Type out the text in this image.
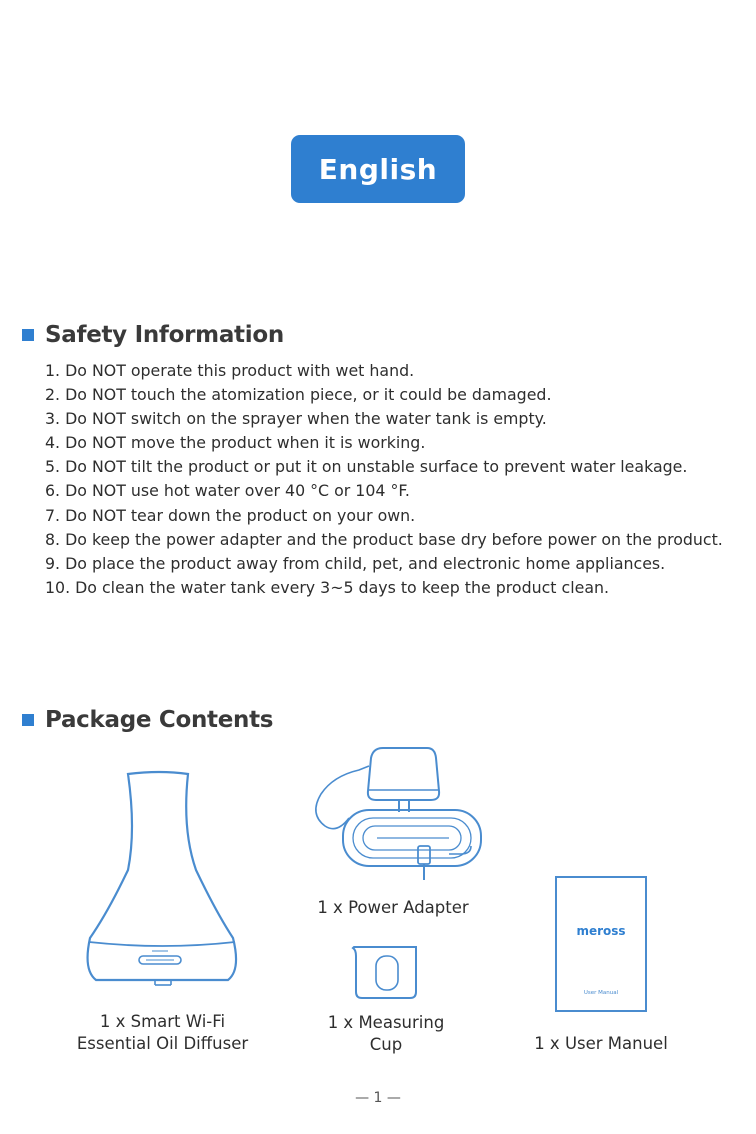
English
Safety Information
1. Do NOT operate this product with wet hand.
2. Do NOT touch the atomization piece, or it could be damaged.
3. Do NOT switch on the sprayer when the water tank is empty.
4. Do NOT move the product when it is working.
5. Do NOT tilt the product or put it on unstable surface to prevent water leakage.
6. Do NOT use hot water over 40 °C or 104 °F.
7. Do NOT tear down the product on your own.
8. Do keep the power adapter and the product base dry before power on the product.
9. Do place the product away from child, pet, and electronic home appliances.
10. Do clean the water tank every 3~5 days to keep the product clean.
Package Contents
1 x Smart Wi-Fi
Essential Oil Diffuser
1 x Power Adapter
1 x Measuring
Cup
meross
User Manual
1 x User Manuel
— 1 —
